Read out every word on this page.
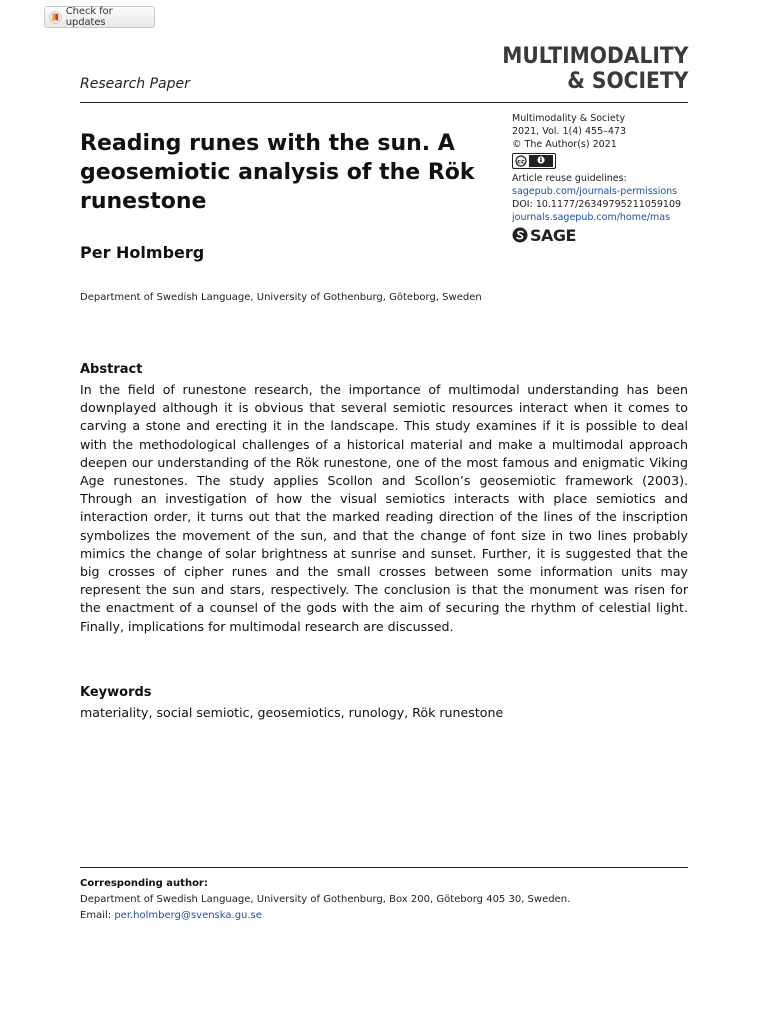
Check for updates
MULTIMODALITY
& SOCIETY
Research Paper
Reading runes with the sun. A geosemiotic analysis of the Rök runestone
Multimodality & Society
2021, Vol. 1(4) 455–473
© The Author(s) 2021
cc
Article reuse guidelines:
sagepub.com/journals-permissions
DOI: 10.1177/26349795211059109
journals.sagepub.com/home/mas
SAGE
Per Holmberg
Department of Swedish Language, University of Gothenburg, Göteborg, Sweden
Abstract
In the field of runestone research, the importance of multimodal understanding has been downplayed although it is obvious that several semiotic resources interact when it comes to carving a stone and erecting it in the landscape. This study examines if it is possible to deal with the methodological challenges of a historical material and make a multimodal approach deepen our understanding of the Rök runestone, one of the most famous and enigmatic Viking Age runestones. The study applies Scollon and Scollon’s geosemiotic framework (2003). Through an investigation of how the visual semiotics interacts with place semiotics and interaction order, it turns out that the marked reading direction of the lines of the inscription symbolizes the movement of the sun, and that the change of font size in two lines probably mimics the change of solar brightness at sunrise and sunset. Further, it is suggested that the big crosses of cipher runes and the small crosses between some information units may represent the sun and stars, respectively. The conclusion is that the monument was risen for the enactment of a counsel of the gods with the aim of securing the rhythm of celestial light. Finally, implications for multimodal research are discussed.
Keywords
materiality, social semiotic, geosemiotics, runology, Rök runestone
Corresponding author:
Department of Swedish Language, University of Gothenburg, Box 200, Göteborg 405 30, Sweden.
Email: per.holmberg@svenska.gu.se
